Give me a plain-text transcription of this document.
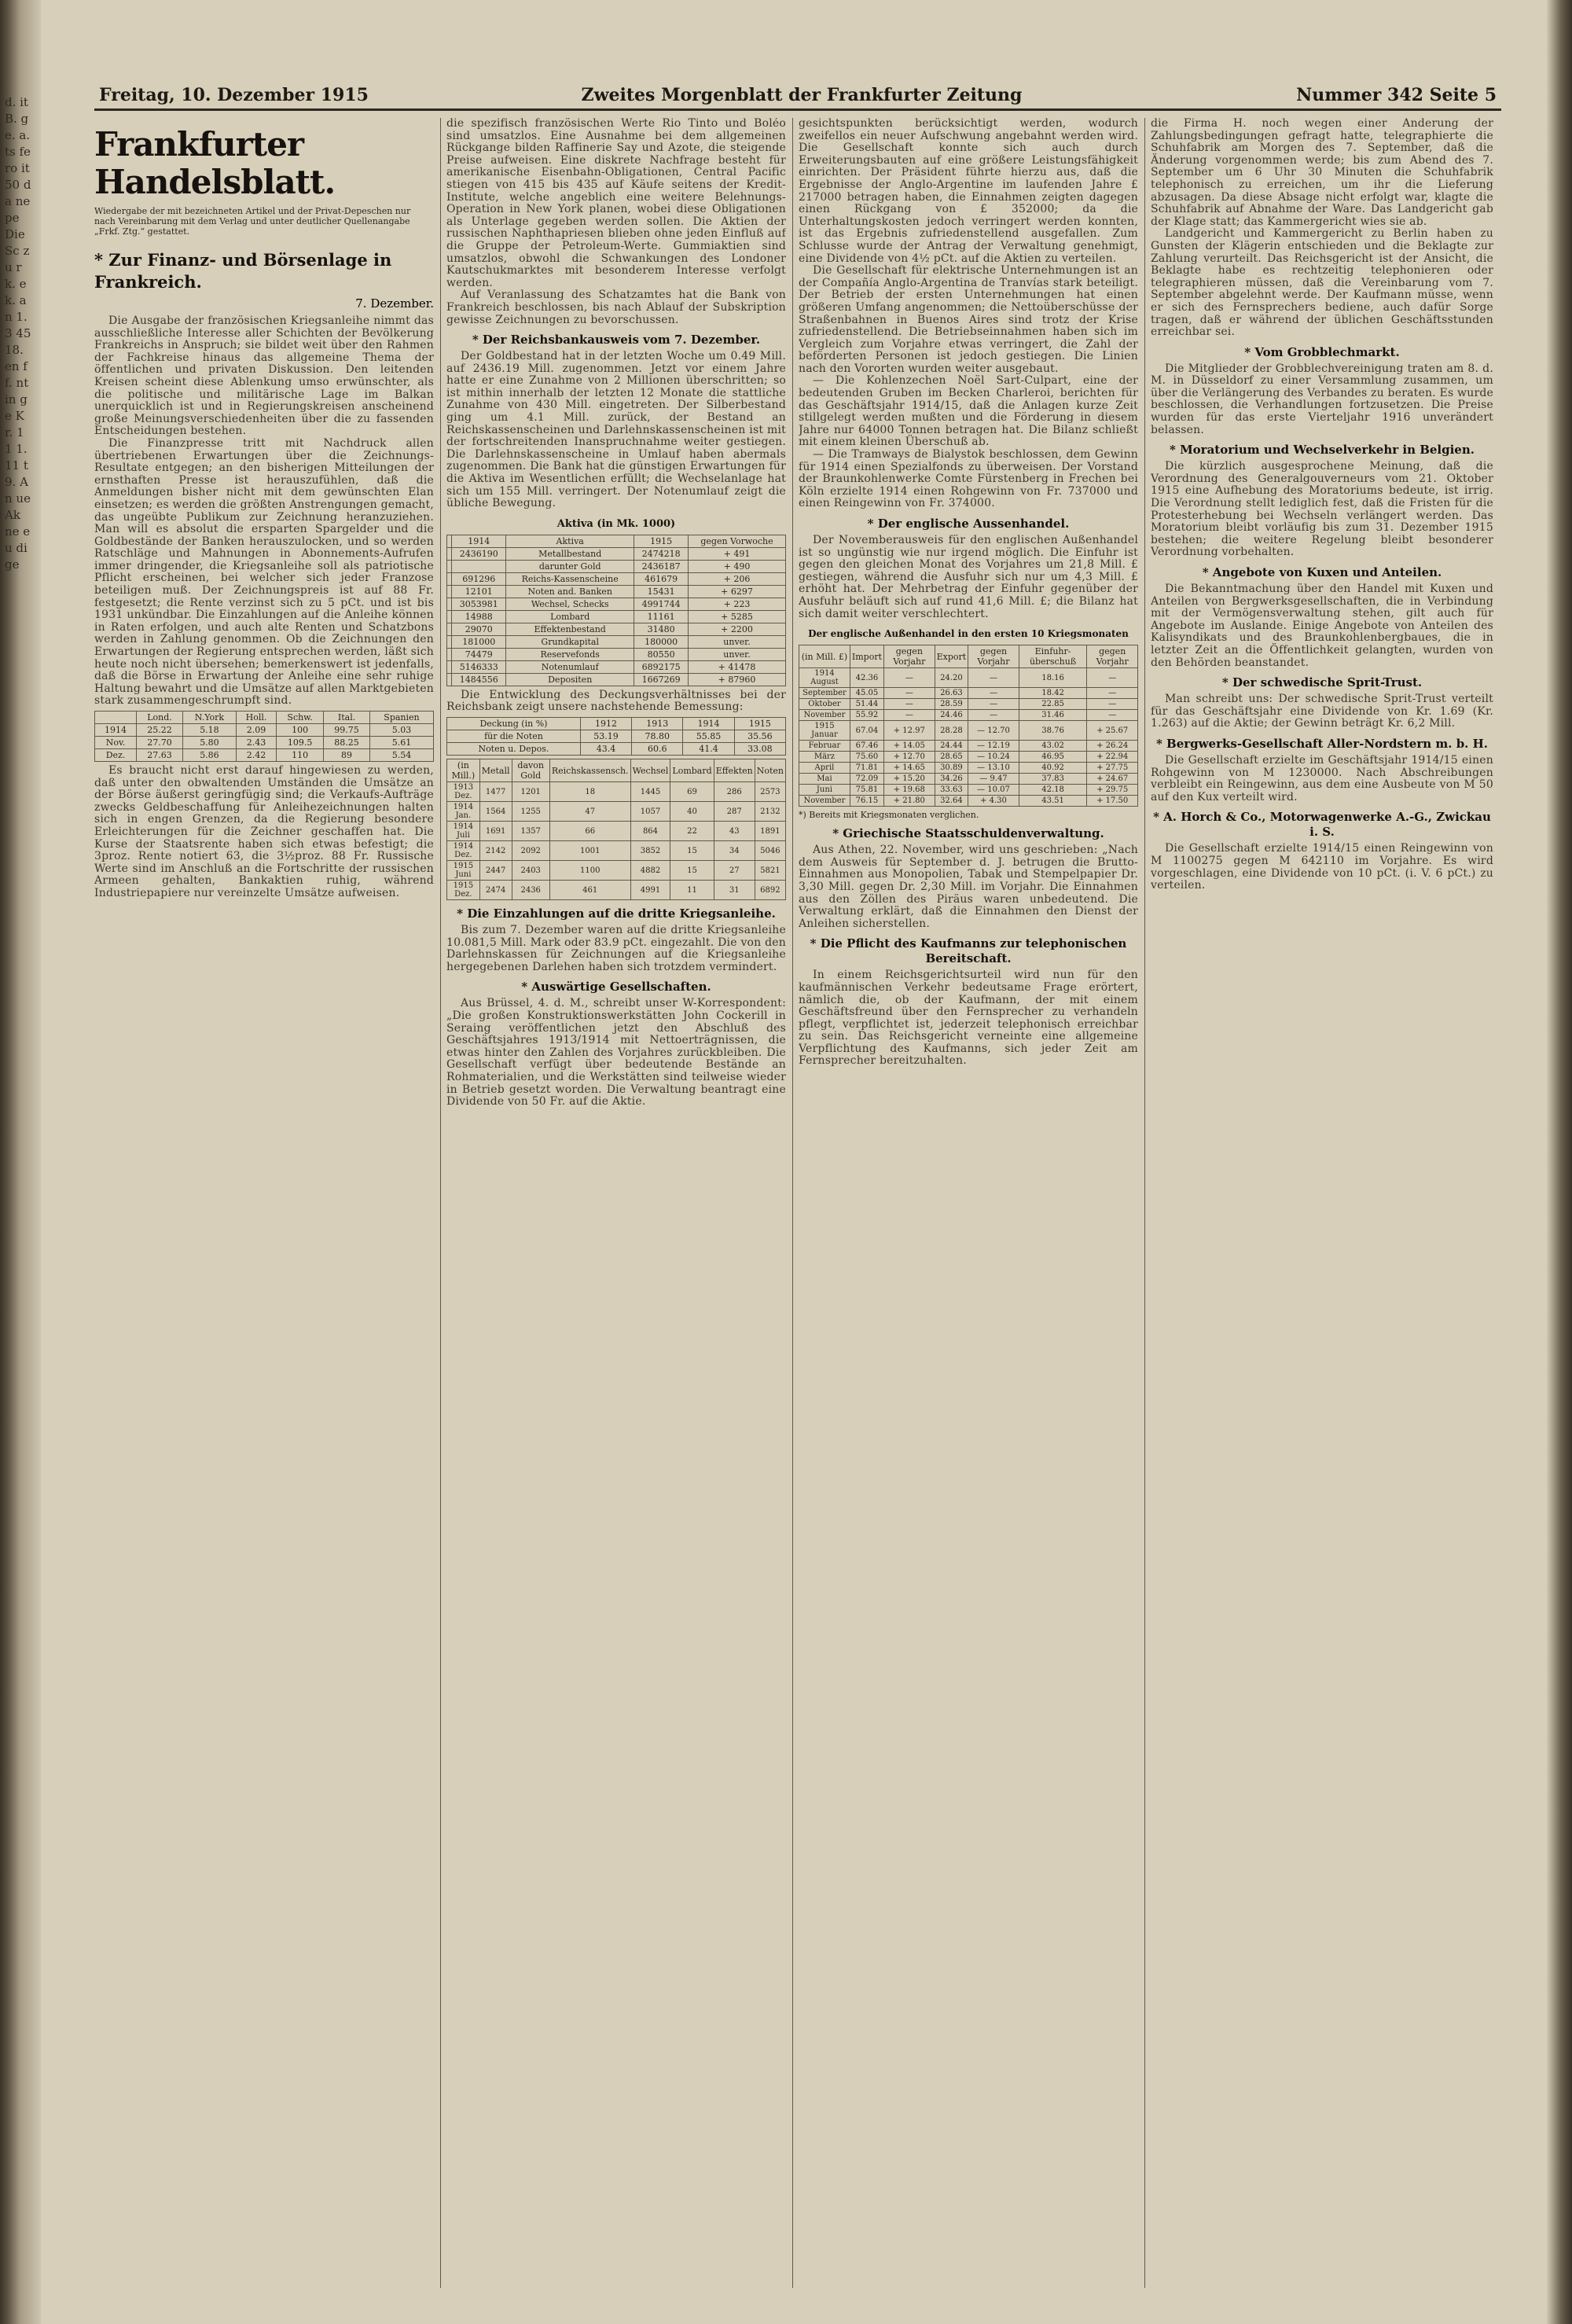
d. it B. ge. a. ts fe ro it 50 da ne pe Die Sc zu rk. ek. an 1.3 45 18. en ff. nt in ge Kr. 11 1. 11 t9. An ue Ak ne eu di ge
Freitag, 10. Dezember 1915	Zweites Morgenblatt der Frankfurter Zeitung	Nummer 342 Seite 5
Frankfurter Handelsblatt.
Wiedergabe der mit bezeichneten Artikel und der Privat-Depeschen nur nach Vereinbarung mit dem Verlag und unter deutlicher Quellenangabe „Frkf. Ztg.“ gestattet.
* Zur Finanz- und Börsenlage in Frankreich.
7. Dezember.

Die Ausgabe der französischen Kriegsanleihe nimmt das ausschließliche Interesse aller Schichten der Bevölkerung Frankreichs in Anspruch; sie bildet weit über den Rahmen der Fachkreise hinaus das allgemeine Thema der öffentlichen und privaten Diskussion. Den leitenden Kreisen scheint diese Ablenkung umso erwünschter, als die politische und militärische Lage im Balkan unerquicklich ist und in Regierungskreisen anscheinend große Meinungsverschiedenheiten über die zu fassenden Entscheidungen bestehen.

Die Finanzpresse tritt mit Nachdruck allen übertriebenen Erwartungen über die Zeichnungs-Resultate entgegen; an den bisherigen Mitteilungen der ernsthaften Presse ist herauszufühlen, daß die Anmeldungen bisher nicht mit dem gewünschten Elan einsetzen; es werden die größten Anstrengungen gemacht, das ungeübte Publikum zur Zeichnung heranzuziehen. Man will es absolut die ersparten Spargelder und die Goldbestände der Banken herauszulocken, und so werden Ratschläge und Mahnungen in Abonnements-Aufrufen immer dringender, die Kriegsanleihe soll als patriotische Pflicht erscheinen, bei welcher sich jeder Franzose beteiligen muß. Der Zeichnungspreis ist auf 88 Fr. festgesetzt; die Rente verzinst sich zu 5 pCt. und ist bis 1931 unkündbar. Die Einzahlungen auf die Anleihe können in Raten erfolgen, und auch alte Renten und Schatzbons werden in Zahlung genommen. Ob die Zeichnungen den Erwartungen der Regierung entsprechen werden, läßt sich heute noch nicht übersehen; bemerkenswert ist jedenfalls, daß die Börse in Erwartung der Anleihe eine sehr ruhige Haltung bewahrt und die Umsätze auf allen Marktgebieten stark zusammengeschrumpft sind.

	Lond.	N.York	Holl.	Schw.	Ital.	Spanien
1914	25.22	5.18	2.09	100	99.75	5.03
Nov.	27.70	5.80	2.43	109.5	88.25	5.61
Dez.	27.63	5.86	2.42	110	89	5.54

Es braucht nicht erst darauf hingewiesen zu werden, daß unter den obwaltenden Umständen die Umsätze an der Börse äußerst geringfügig sind; die Verkaufs-Aufträge zwecks Geldbeschaffung für Anleihezeichnungen halten sich in engen Grenzen, da die Regierung besondere Erleichterungen für die Zeichner geschaffen hat. Die Kurse der Staatsrente haben sich etwas befestigt; die 3proz. Rente notiert 63, die 3½proz. 88 Fr. Russische Werte sind im Anschluß an die Fortschritte der russischen Armeen gehalten, Bankaktien ruhig, während Industriepapiere nur vereinzelte Umsätze aufweisen.

die spezifisch französischen Werte Rio Tinto und Boléo sind umsatzlos. Eine Ausnahme bei dem allgemeinen Rückgange bilden Raffinerie Say und Azote, die steigende Preise aufweisen. Eine diskrete Nachfrage besteht für amerikanische Eisenbahn-Obligationen, Central Pacific stiegen von 415 bis 435 auf Käufe seitens der Kredit-Institute, welche angeblich eine weitere Belehnungs-Operation in New York planen, wobei diese Obligationen als Unterlage gegeben werden sollen. Die Aktien der russischen Naphthapriesen blieben ohne jeden Einfluß auf die Gruppe der Petroleum-Werte. Gummiaktien sind umsatzlos, obwohl die Schwankungen des Londoner Kautschukmarktes mit besonderem Interesse verfolgt werden.

Auf Veranlassung des Schatzamtes hat die Bank von Frankreich beschlossen, bis nach Ablauf der Subskription gewisse Zeichnungen zu bevorschussen.

* Der Reichsbankausweis vom 7. Dezember.

Der Goldbestand hat in der letzten Woche um 0.49 Mill. auf 2436.19 Mill. zugenommen. Jetzt vor einem Jahre hatte er eine Zunahme von 2 Millionen überschritten; so ist mithin innerhalb der letzten 12 Monate die stattliche Zunahme von 430 Mill. eingetreten. Der Silberbestand ging um 4.1 Mill. zurück, der Bestand an Reichskassenscheinen und Darlehnskassenscheinen ist mit der fortschreitenden Inanspruchnahme weiter gestiegen. Die Darlehnskassenscheine in Umlauf haben abermals zugenommen. Die Bank hat die günstigen Erwartungen für die Aktiva im Wesentlichen erfüllt; die Wechselanlage hat sich um 155 Mill. verringert. Der Notenumlauf zeigt die übliche Bewegung.

Aktiva (in Mk. 1000)
	1914	Aktiva	1915	gegen Vorwoche
	2436190	Metallbestand	2474218	+ 491
		darunter Gold	2436187	+ 490
	691296	Reichs-Kassenscheine	461679	+ 206
	12101	Noten and. Banken	15431	+ 6297
	3053981	Wechsel, Schecks	4991744	+ 223
	14988	Lombard	11161	+ 5285
	29070	Effektenbestand	31480	+ 2200
	181000	Grundkapital	180000	unver.
	74479	Reservefonds	80550	unver.
	5146333	Notenumlauf	6892175	+ 41478
	1484556	Depositen	1667269	+ 87960

Die Entwicklung des Deckungsverhältnisses bei der Reichsbank zeigt unsere nachstehende Bemessung:

Deckung (in %)	1912	1913	1914	1915
für die Noten	53.19	78.80	55.85	35.56
Noten u. Depos.	43.4	60.6	41.4	33.08
(in Mill.)	Metall	davon Gold	Reichskassensch.	Wechsel	Lombard	Effekten	Noten
1913 Dez.	1477	1201	18	1445	69	286	2573
1914 Jan.	1564	1255	47	1057	40	287	2132
1914 Juli	1691	1357	66	864	22	43	1891
1914 Dez.	2142	2092	1001	3852	15	34	5046
1915 Juni	2447	2403	1100	4882	15	27	5821
1915 Dez.	2474	2436	461	4991	11	31	6892
* Die Einzahlungen auf die dritte Kriegsanleihe.

Bis zum 7. Dezember waren auf die dritte Kriegsanleihe 10.081,5 Mill. Mark oder 83.9 pCt. eingezahlt. Die von den Darlehnskassen für Zeichnungen auf die Kriegsanleihe hergegebenen Darlehen haben sich trotzdem vermindert.

* Auswärtige Gesellschaften.

Aus Brüssel, 4. d. M., schreibt unser W-Korrespondent: „Die großen Konstruktionswerkstätten John Cockerill in Seraing veröffentlichen jetzt den Abschluß des Geschäftsjahres 1913/1914 mit Nettoerträgnissen, die etwas hinter den Zahlen des Vorjahres zurückbleiben. Die Gesellschaft verfügt über bedeutende Bestände an Rohmaterialien, und die Werkstätten sind teilweise wieder in Betrieb gesetzt worden. Die Verwaltung beantragt eine Dividende von 50 Fr. auf die Aktie.

gesichtspunkten berücksichtigt werden, wodurch zweifellos ein neuer Aufschwung angebahnt werden wird. Die Gesellschaft konnte sich auch durch Erweiterungsbauten auf eine größere Leistungsfähigkeit einrichten. Der Präsident führte hierzu aus, daß die Ergebnisse der Anglo-Argentine im laufenden Jahre £ 217000 betragen haben, die Einnahmen zeigten dagegen einen Rückgang von £ 352000; da die Unterhaltungskosten jedoch verringert werden konnten, ist das Ergebnis zufriedenstellend ausgefallen. Zum Schlusse wurde der Antrag der Verwaltung genehmigt, eine Dividende von 4½ pCt. auf die Aktien zu verteilen.

Die Gesellschaft für elektrische Unternehmungen ist an der Compañía Anglo-Argentina de Tranvías stark beteiligt. Der Betrieb der ersten Unternehmungen hat einen größeren Umfang angenommen; die Nettoüberschüsse der Straßenbahnen in Buenos Aires sind trotz der Krise zufriedenstellend. Die Betriebseinnahmen haben sich im Vergleich zum Vorjahre etwas verringert, die Zahl der beförderten Personen ist jedoch gestiegen. Die Linien nach den Vororten wurden weiter ausgebaut.

— Die Kohlenzechen Noël Sart-Culpart, eine der bedeutenden Gruben im Becken Charleroi, berichten für das Geschäftsjahr 1914/15, daß die Anlagen kurze Zeit stillgelegt werden mußten und die Förderung in diesem Jahre nur 64000 Tonnen betragen hat. Die Bilanz schließt mit einem kleinen Überschuß ab.

— Die Tramways de Bialystok beschlossen, dem Gewinn für 1914 einen Spezialfonds zu überweisen. Der Vorstand der Braunkohlenwerke Comte Fürstenberg in Frechen bei Köln erzielte 1914 einen Rohgewinn von Fr. 737000 und einen Reingewinn von Fr. 374000.

* Der englische Aussenhandel.

Der Novemberausweis für den englischen Außenhandel ist so ungünstig wie nur irgend möglich. Die Einfuhr ist gegen den gleichen Monat des Vorjahres um 21,8 Mill. £ gestiegen, während die Ausfuhr sich nur um 4,3 Mill. £ erhöht hat. Der Mehrbetrag der Einfuhr gegenüber der Ausfuhr beläuft sich auf rund 41,6 Mill. £; die Bilanz hat sich damit weiter verschlechtert.

Der englische Außenhandel in den ersten 10 Kriegsmonaten
(in Mill. £)	Import	gegen Vorjahr	Export	gegen Vorjahr	Einfuhr-überschuß	gegen Vorjahr
1914 August	42.36	—	24.20	—	18.16	—
September	45.05	—	26.63	—	18.42	—
Oktober	51.44	—	28.59	—	22.85	—
November	55.92	—	24.46	—	31.46	—
1915 Januar	67.04	+ 12.97	28.28	— 12.70	38.76	+ 25.67
Februar	67.46	+ 14.05	24.44	— 12.19	43.02	+ 26.24
März	75.60	+ 12.70	28.65	— 10.24	46.95	+ 22.94
April	71.81	+ 14.65	30.89	— 13.10	40.92	+ 27.75
Mai	72.09	+ 15.20	34.26	— 9.47	37.83	+ 24.67
Juni	75.81	+ 19.68	33.63	— 10.07	42.18	+ 29.75
November	76.15	+ 21.80	32.64	+ 4.30	43.51	+ 17.50
*) Bereits mit Kriegsmonaten verglichen.
* Griechische Staatsschuldenverwaltung.

Aus Athen, 22. November, wird uns geschrieben: „Nach dem Ausweis für September d. J. betrugen die Brutto-Einnahmen aus Monopolien, Tabak und Stempelpapier Dr. 3,30 Mill. gegen Dr. 2,30 Mill. im Vorjahr. Die Einnahmen aus den Zöllen des Piräus waren unbedeutend. Die Verwaltung erklärt, daß die Einnahmen den Dienst der Anleihen sicherstellen.

* Die Pflicht des Kaufmanns zur telephonischen Bereitschaft.

In einem Reichsgerichtsurteil wird nun für den kaufmännischen Verkehr bedeutsame Frage erörtert, nämlich die, ob der Kaufmann, der mit einem Geschäftsfreund über den Fernsprecher zu verhandeln pflegt, verpflichtet ist, jederzeit telephonisch erreichbar zu sein. Das Reichsgericht verneinte eine allgemeine Verpflichtung des Kaufmanns, sich jeder Zeit am Fernsprecher bereitzuhalten.

die Firma H. noch wegen einer Änderung der Zahlungsbedingungen gefragt hatte, telegraphierte die Schuhfabrik am Morgen des 7. September, daß die Änderung vorgenommen werde; bis zum Abend des 7. September um 6 Uhr 30 Minuten die Schuhfabrik telephonisch zu erreichen, um ihr die Lieferung abzusagen. Da diese Absage nicht erfolgt war, klagte die Schuhfabrik auf Abnahme der Ware. Das Landgericht gab der Klage statt; das Kammergericht wies sie ab.

Landgericht und Kammergericht zu Berlin haben zu Gunsten der Klägerin entschieden und die Beklagte zur Zahlung verurteilt. Das Reichsgericht ist der Ansicht, die Beklagte habe es rechtzeitig telephonieren oder telegraphieren müssen, daß die Vereinbarung vom 7. September abgelehnt werde. Der Kaufmann müsse, wenn er sich des Fernsprechers bediene, auch dafür Sorge tragen, daß er während der üblichen Geschäftsstunden erreichbar sei.

* Vom Grobblechmarkt.

Die Mitglieder der Grobblechvereinigung traten am 8. d. M. in Düsseldorf zu einer Versammlung zusammen, um über die Verlängerung des Verbandes zu beraten. Es wurde beschlossen, die Verhandlungen fortzusetzen. Die Preise wurden für das erste Vierteljahr 1916 unverändert belassen.

* Moratorium und Wechselverkehr in Belgien.

Die kürzlich ausgesprochene Meinung, daß die Verordnung des Generalgouverneurs vom 21. Oktober 1915 eine Aufhebung des Moratoriums bedeute, ist irrig. Die Verordnung stellt lediglich fest, daß die Fristen für die Protesterhebung bei Wechseln verlängert werden. Das Moratorium bleibt vorläufig bis zum 31. Dezember 1915 bestehen; die weitere Regelung bleibt besonderer Verordnung vorbehalten.

* Angebote von Kuxen und Anteilen.

Die Bekanntmachung über den Handel mit Kuxen und Anteilen von Bergwerksgesellschaften, die in Verbindung mit der Vermögensverwaltung stehen, gilt auch für Angebote im Auslande. Einige Angebote von Anteilen des Kalisyndikats und des Braunkohlenbergbaues, die in letzter Zeit an die Öffentlichkeit gelangten, wurden von den Behörden beanstandet.

* Der schwedische Sprit-Trust.

Man schreibt uns: Der schwedische Sprit-Trust verteilt für das Geschäftsjahr eine Dividende von Kr. 1.69 (Kr. 1.263) auf die Aktie; der Gewinn beträgt Kr. 6,2 Mill.

* Bergwerks-Gesellschaft Aller-Nordstern m. b. H.

Die Gesellschaft erzielte im Geschäftsjahr 1914/15 einen Rohgewinn von M 1230000. Nach Abschreibungen verbleibt ein Reingewinn, aus dem eine Ausbeute von M 50 auf den Kux verteilt wird.

* A. Horch & Co., Motorwagenwerke A.-G., Zwickau i. S.

Die Gesellschaft erzielte 1914/15 einen Reingewinn von M 1100275 gegen M 642110 im Vorjahre. Es wird vorgeschlagen, eine Dividende von 10 pCt. (i. V. 6 pCt.) zu verteilen.
